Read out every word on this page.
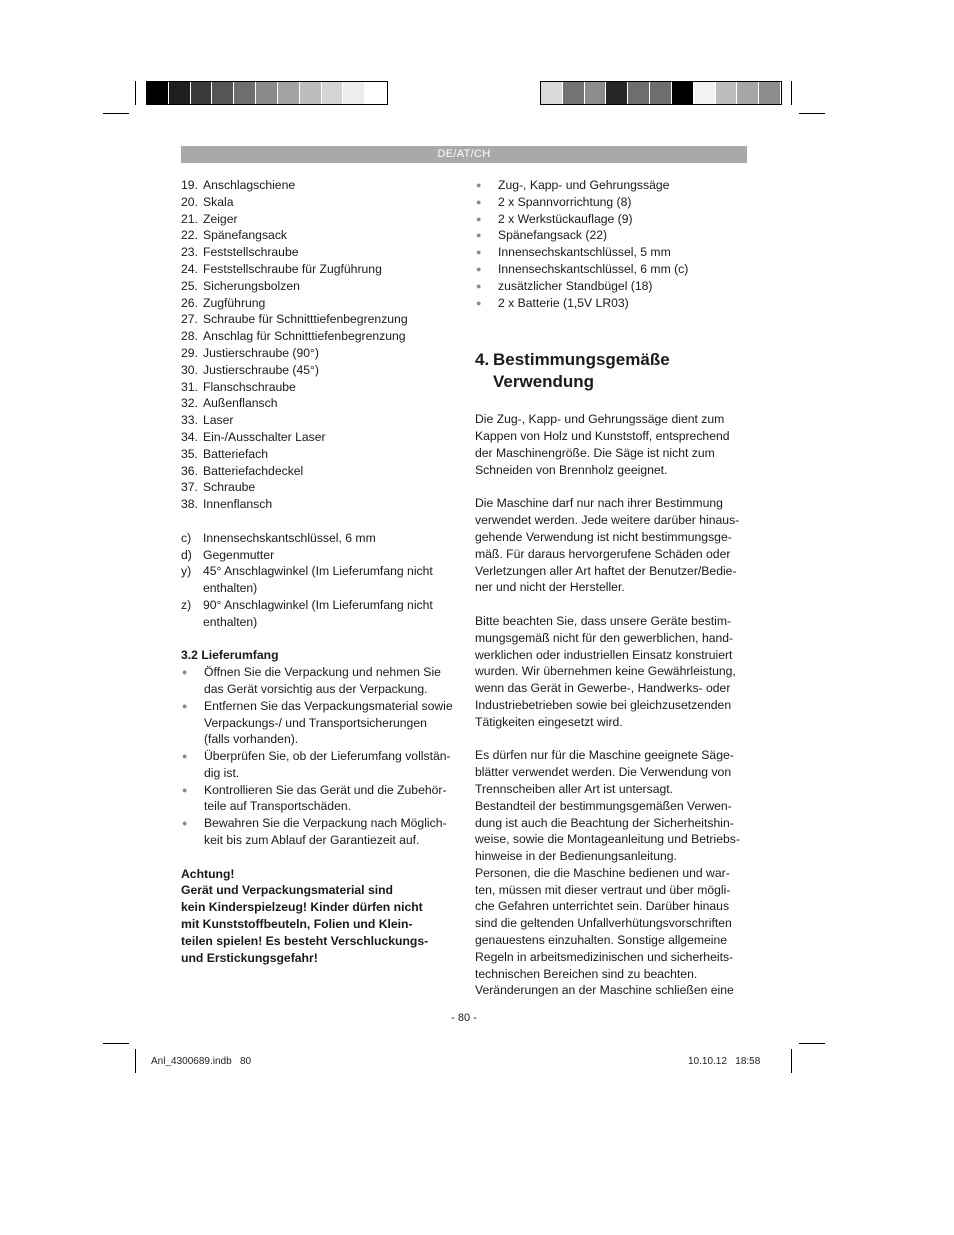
DE/AT/CH
19. Anschlagschiene
20. Skala
21. Zeiger
22. Spänefangsack
23. Feststellschraube
24. Feststellschraube für Zugführung
25. Sicherungsbolzen
26. Zugführung
27. Schraube für Schnitttiefenbegrenzung
28. Anschlag für Schnitttiefenbegrenzung
29. Justierschraube (90°)
30. Justierschraube (45°)
31. Flanschschraube
32. Außenflansch
33. Laser
34. Ein-/Ausschalter Laser
35. Batteriefach
36. Batteriefachdeckel
37. Schraube
38. Innenflansch
c) Innensechskantschlüssel, 6 mm
d) Gegenmutter
y) 45° Anschlagwinkel (Im Lieferumfang nicht
enthalten)
z) 90° Anschlagwinkel (Im Lieferumfang nicht
enthalten)
3.2 Lieferumfang
●	Öffnen Sie die Verpackung und nehmen Sie
das Gerät vorsichtig aus der Verpackung.
●	Entfernen Sie das Verpackungsmaterial sowie
Verpackungs-/ und Transportsicherungen
(falls vorhanden).
●	Überprüfen Sie, ob der Lieferumfang vollstän-
dig ist.
●	Kontrollieren Sie das Gerät und die Zubehör-
teile auf Transportschäden.
●	Bewahren Sie die Verpackung nach Möglich-
keit bis zum Ablauf der Garantiezeit auf.
Achtung!
Gerät und Verpackungsmaterial sind
kein Kinderspielzeug! Kinder dürfen nicht
mit Kunststoffbeuteln, Folien und Klein-
teilen spielen! Es besteht Verschluckungs-
und Erstickungsgefahr!
●	Zug-, Kapp- und Gehrungssäge
●	2 x Spannvorrichtung (8)
●	2 x Werkstückauflage (9)
●	Spänefangsack (22)
●	Innensechskantschlüssel, 5 mm
●	Innensechskantschlüssel, 6 mm (c)
●	zusätzlicher Standbügel (18)
●	2 x Batterie (1,5V LR03)
4. Bestimmungsgemäße
Verwendung
Die Zug-, Kapp- und Gehrungssäge dient zum
Kappen von Holz und Kunststoff, entsprechend
der Maschinengröße. Die Säge ist nicht zum
Schneiden von Brennholz geeignet.
Die Maschine darf nur nach ihrer Bestimmung
verwendet werden. Jede weitere darüber hinaus-
gehende Verwendung ist nicht bestimmungsge-
mäß. Für daraus hervorgerufene Schäden oder
Verletzungen aller Art haftet der Benutzer/Bedie-
ner und nicht der Hersteller.
Bitte beachten Sie, dass unsere Geräte bestim-
mungsgemäß nicht für den gewerblichen, hand-
werklichen oder industriellen Einsatz konstruiert
wurden. Wir übernehmen keine Gewährleistung,
wenn das Gerät in Gewerbe-, Handwerks- oder
Industriebetrieben sowie bei gleichzusetzenden
Tätigkeiten eingesetzt wird.
Es dürfen nur für die Maschine geeignete Säge-
blätter verwendet werden. Die Verwendung von
Trennscheiben aller Art ist untersagt.
Bestandteil der bestimmungsgemäßen Verwen-
dung ist auch die Beachtung der Sicherheitshin-
weise, sowie die Montageanleitung und Betriebs-
hinweise in der Bedienungsanleitung.
Personen, die die Maschine bedienen und war-
ten, müssen mit dieser vertraut und über mögli-
che Gefahren unterrichtet sein. Darüber hinaus
sind die geltenden Unfallverhütungsvorschriften
genauestens einzuhalten. Sonstige allgemeine
Regeln in arbeitsmedizinischen und sicherheits-
technischen Bereichen sind zu beachten.
Veränderungen an der Maschine schließen eine
- 80 -
Anl_4300689.indb   80	10.10.12   18:58
